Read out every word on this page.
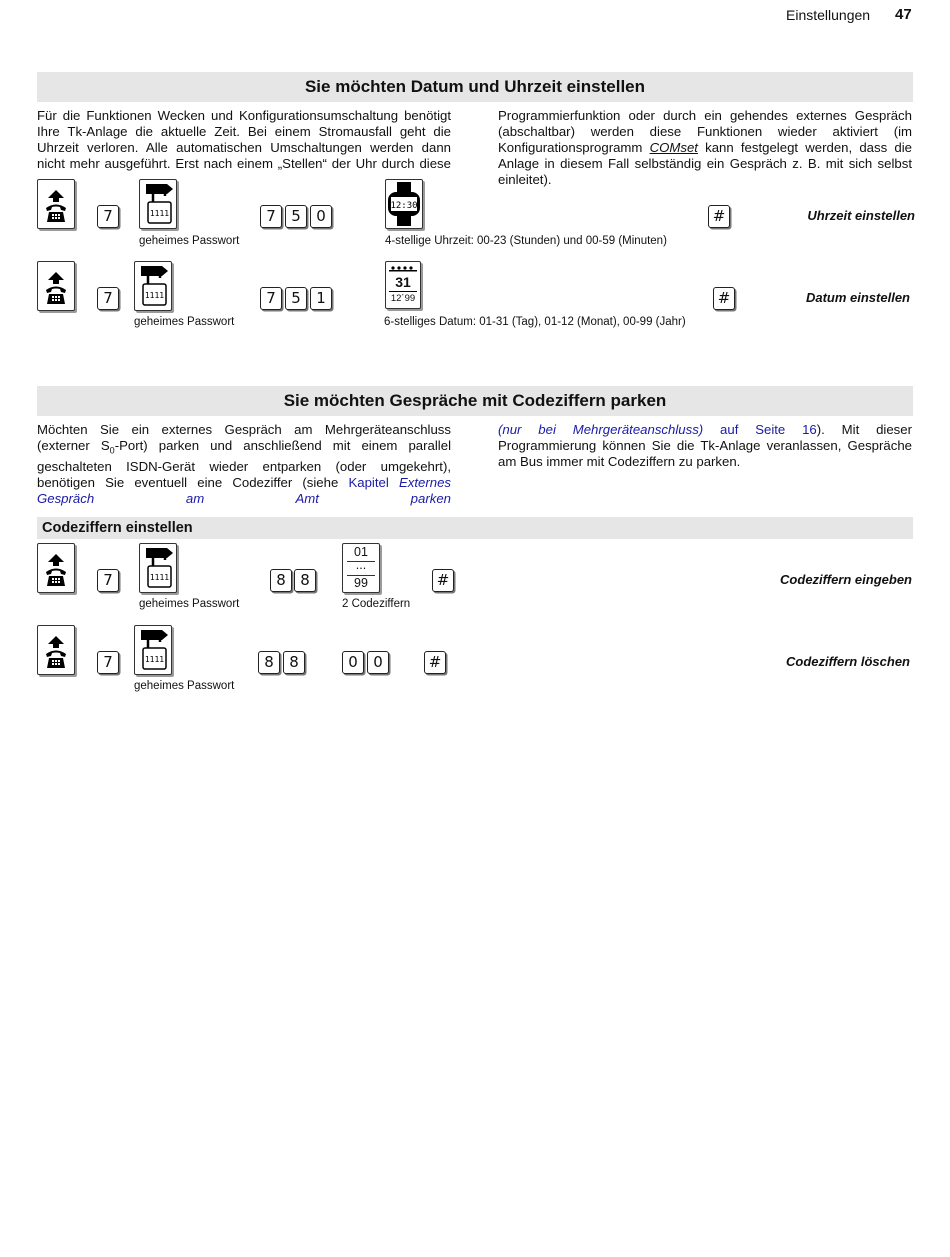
Einstellungen 47
Sie möchten Datum und Uhrzeit einstellen
Für die Funktionen Wecken und Konfigurationsumschaltung benötigt Ihre Tk-Anlage die aktuelle Zeit. Bei einem Stromausfall geht die Uhrzeit verloren. Alle automatischen Umschaltungen werden dann nicht mehr ausgeführt. Erst nach einem „Stellen“ der Uhr durch diese
Programmierfunktion oder durch ein gehendes externes Gespräch (abschaltbar) werden diese Funktionen wieder aktiviert (im Konfigurationsprogramm COMset kann festgelegt werden, dass die Anlage in diesem Fall selbständig ein Gespräch z. B. mit sich selbst einleitet).
7	1111
geheimes Passwort
7	5	0
12:30
4-stellige Uhrzeit: 00-23 (Stunden) und 00-59 (Minuten)
#	Uhrzeit einstellen
7	1111
geheimes Passwort
7	5	1
31
12´99
6-stelliges Datum: 01-31 (Tag), 01-12 (Monat), 00-99 (Jahr)
#	Datum einstellen
Sie möchten Gespräche mit Codeziffern parken
Möchten Sie ein externes Gespräch am Mehrgeräteanschluss (externer $S_0-Port$) parken und anschließend mit einem parallel geschalteten ISDN-Gerät wieder entparken (oder umgekehrt), benötigen Sie eventuell eine Codeziffer (siehe Kapitel Externes Gespräch am Amt parken
(nur bei Mehrgeräteanschluss) auf Seite 16). Mit dieser Programmierung können Sie die Tk-Anlage veranlassen, Gespräche am Bus immer mit Codeziffern zu parken.
Codeziffern einstellen
7	1111
geheimes Passwort
8 8
01
...
99
2 Codeziffern
#	Codeziffern eingeben
7	1111
geheimes Passwort
8	8	0	0	#	Codeziffern löschen
